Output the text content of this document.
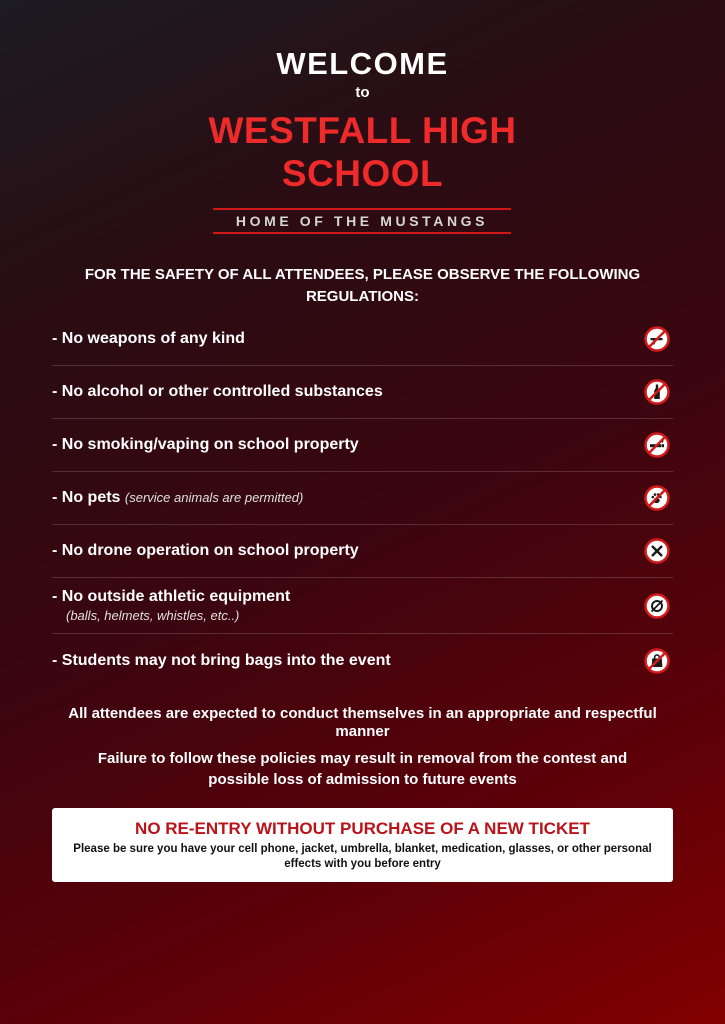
WELCOME
to
WESTFALL HIGH SCHOOL
HOME OF THE MUSTANGS
FOR THE SAFETY OF ALL ATTENDEES, PLEASE OBSERVE THE FOLLOWING REGULATIONS:
- No weapons of any kind
- No alcohol or other controlled substances
- No smoking/vaping on school property
- No pets (service animals are permitted)
- No drone operation on school property
- No outside athletic equipment
(balls, helmets, whistles, etc..)
- Students may not bring bags into the event
All attendees are expected to conduct themselves in an appropriate and respectful manner
Failure to follow these policies may result in removal from the contest and possible loss of admission to future events
NO RE-ENTRY WITHOUT PURCHASE OF A NEW TICKET
Please be sure you have your cell phone, jacket, umbrella, blanket, medication, glasses, or other personal effects with you before entry
